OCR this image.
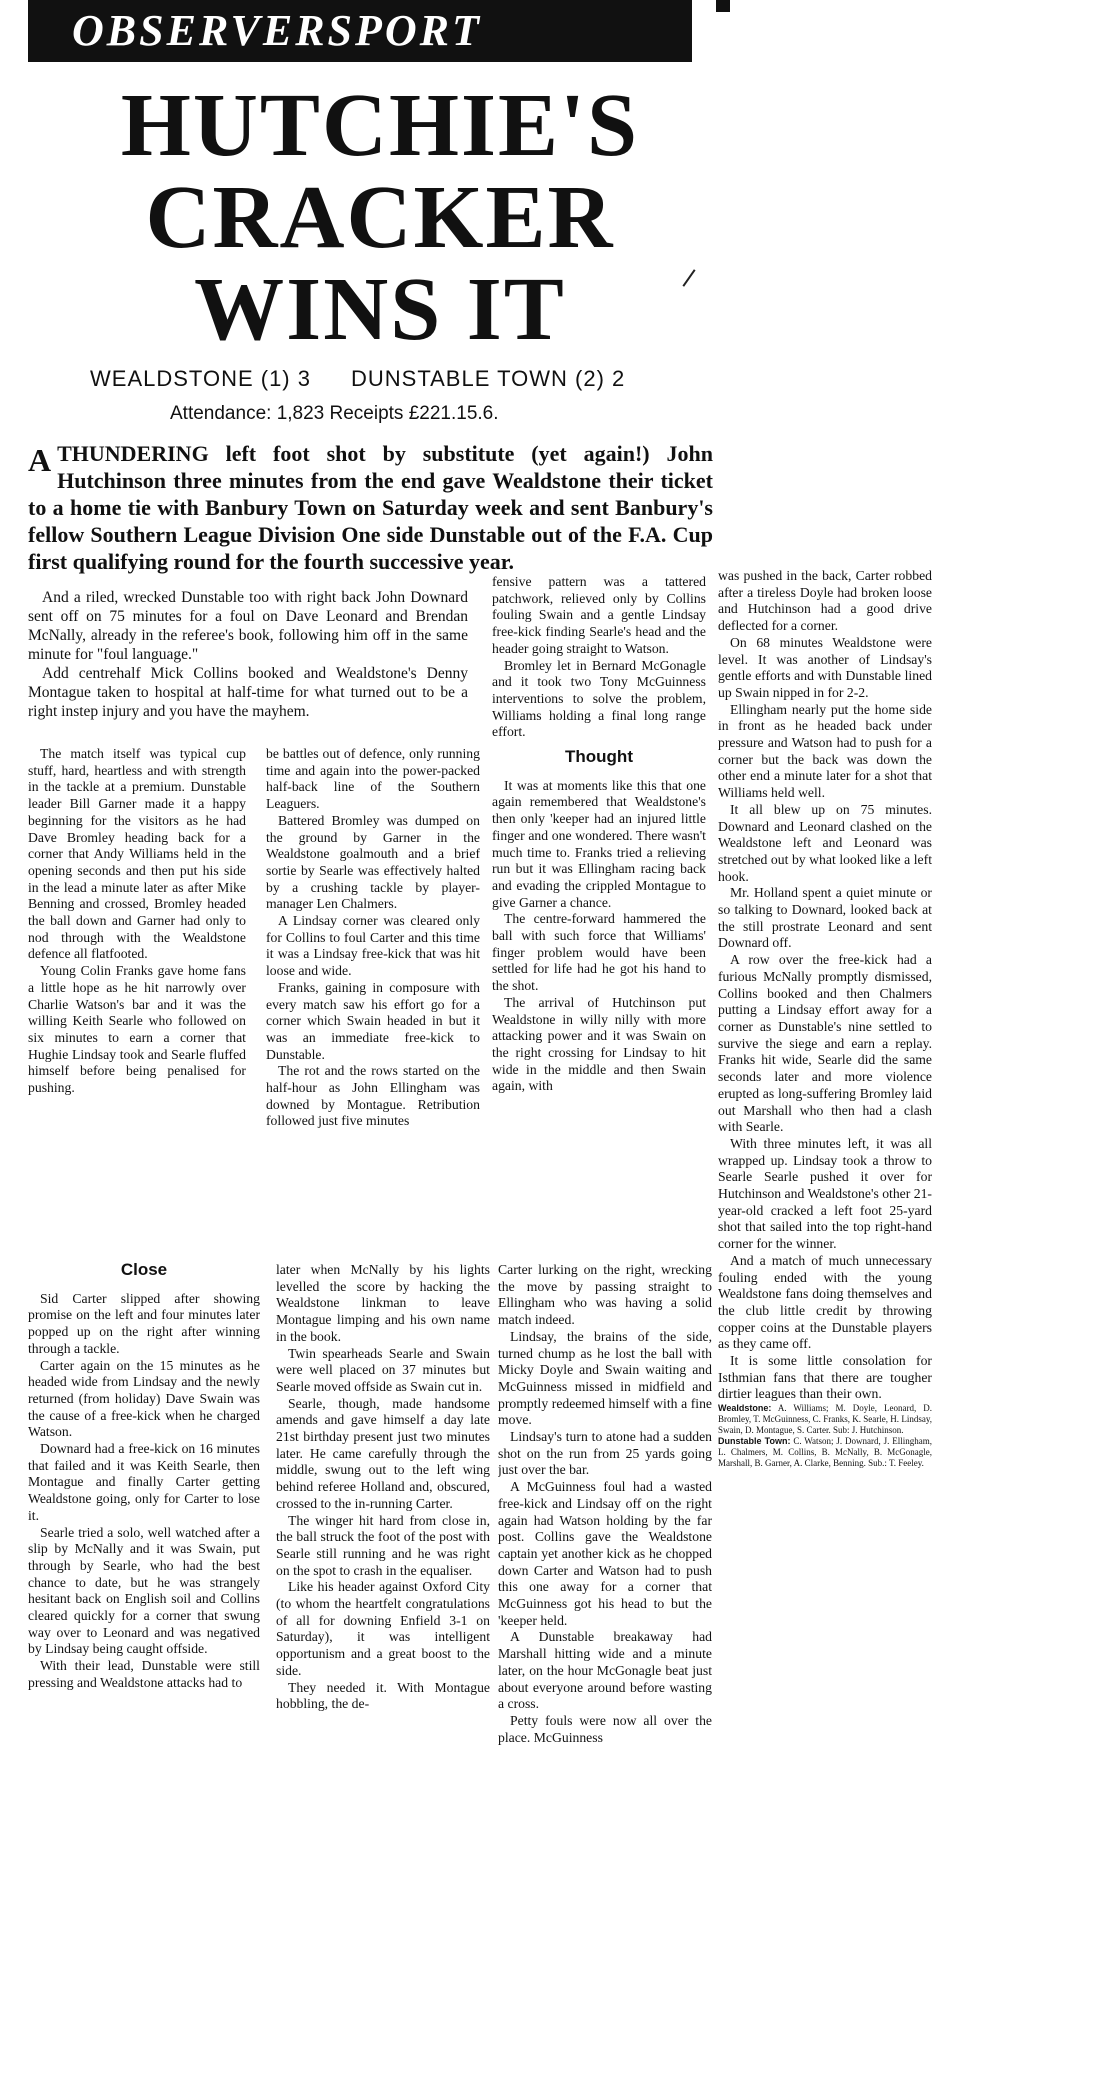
OBSERVERSPORT
HUTCHIE'S
CRACKER
WINS IT
WEALDSTONE (1) 3 DUNSTABLE TOWN (2) 2
Attendance: 1,823 Receipts £221.15.6.
A THUNDERING left foot shot by substitute (yet again!) John Hutchinson three minutes from the end gave Wealdstone their ticket to a home tie with Banbury Town on Saturday week and sent Banbury's fellow Southern League Division One side Dunstable out of the F.A. Cup first qualifying round for the fourth successive year.
And a riled, wrecked Dunstable too with right back John Downard sent off on 75 minutes for a foul on Dave Leonard and Brendan McNally, already in the referee's book, following him off in the same minute for "foul language."
Add centrehalf Mick Collins booked and Wealdstone's Denny Montague taken to hospital at half-time for what turned out to be a right instep injury and you have the mayhem.

The match itself was typical cup stuff, hard, heartless and with strength in the tackle at a premium. Dunstable leader Bill Garner made it a happy beginning for the visitors as he had Dave Bromley heading back for a corner that Andy Williams held in the opening seconds and then put his side in the lead a minute later as after Mike Benning and crossed, Bromley headed the ball down and Garner had only to nod through with the Wealdstone defence all flatfooted.

Young Colin Franks gave home fans a little hope as he hit narrowly over Charlie Watson's bar and it was the willing Keith Searle who followed on six minutes to earn a corner that Hughie Lindsay took and Searle fluffed himself before being penalised for pushing.

be battles out of defence, only running time and again into the power-packed half-back line of the Southern Leaguers.

Battered Bromley was dumped on the ground by Garner in the Wealdstone goalmouth and a brief sortie by Searle was effectively halted by a crushing tackle by player-manager Len Chalmers.

A Lindsay corner was cleared only for Collins to foul Carter and this time it was a Lindsay free-kick that was hit loose and wide.

Franks, gaining in composure with every match saw his effort go for a corner which Swain headed in but it was an immediate free-kick to Dunstable.

The rot and the rows started on the half-hour as John Ellingham was downed by Montague. Retribution followed just five minutes

fensive pattern was a tattered patchwork, relieved only by Collins fouling Swain and a gentle Lindsay free-kick finding Searle's head and the header going straight to Watson.

Bromley let in Bernard McGonagle and it took two Tony McGuinness interventions to solve the problem, Williams holding a final long range effort.

Thought

It was at moments like this that one again remembered that Wealdstone's then only 'keeper had an injured little finger and one wondered. There wasn't much time to. Franks tried a relieving run but it was Ellingham racing back and evading the crippled Montague to give Garner a chance.

The centre-forward hammered the ball with such force that Williams' finger problem would have been settled for life had he got his hand to the shot.

The arrival of Hutchinson put Wealdstone in willy nilly with more attacking power and it was Swain on the right crossing for Lindsay to hit wide in the middle and then Swain again, with

was pushed in the back, Carter robbed after a tireless Doyle had broken loose and Hutchinson had a good drive deflected for a corner.

On 68 minutes Wealdstone were level. It was another of Lindsay's gentle efforts and with Dunstable lined up Swain nipped in for 2-2.

Ellingham nearly put the home side in front as he headed back under pressure and Watson had to push for a corner but the back was down the other end a minute later for a shot that Williams held well.

It all blew up on 75 minutes. Downard and Leonard clashed on the Wealdstone left and Leonard was stretched out by what looked like a left hook.

Mr. Holland spent a quiet minute or so talking to Downard, looked back at the still prostrate Leonard and sent Downard off.

A row over the free-kick had a furious McNally promptly dismissed, Collins booked and then Chalmers putting a Lindsay effort away for a corner as Dunstable's nine settled to survive the siege and earn a replay. Franks hit wide, Searle did the same seconds later and more violence erupted as long-suffering Bromley laid out Marshall who then had a clash with Searle.

With three minutes left, it was all wrapped up. Lindsay took a throw to Searle Searle pushed it over for Hutchinson and Wealdstone's other 21-year-old cracked a left foot 25-yard shot that sailed into the top right-hand corner for the winner.

And a match of much unnecessary fouling ended with the young Wealdstone fans doing themselves and the club little credit by throwing copper coins at the Dunstable players as they came off.

It is some little consolation for Isthmian fans that there are tougher dirtier leagues than their own.

Wealdstone: A. Williams; M. Doyle, Leonard, D. Bromley, T. McGuinness, C. Franks, K. Searle, H. Lindsay, Swain, D. Montague, S. Carter. Sub: J. Hutchinson.
Dunstable Town: C. Watson; J. Downard, J. Ellingham, L. Chalmers, M. Collins, B. McNally, B. McGonagle, Marshall, B. Garner, A. Clarke, Benning. Sub.: T. Feeley.
Close

Sid Carter slipped after showing promise on the left and four minutes later popped up on the right after winning through a tackle.

Carter again on the 15 minutes as he headed wide from Lindsay and the newly returned (from holiday) Dave Swain was the cause of a free-kick when he charged Watson.

Downard had a free-kick on 16 minutes that failed and it was Keith Searle, then Montague and finally Carter getting Wealdstone going, only for Carter to lose it.

Searle tried a solo, well watched after a slip by McNally and it was Swain, put through by Searle, who had the best chance to date, but he was strangely hesitant back on English soil and Collins cleared quickly for a corner that swung way over to Leonard and was negatived by Lindsay being caught offside.

With their lead, Dunstable were still pressing and Wealdstone attacks had to

later when McNally by his lights levelled the score by hacking the Wealdstone linkman to leave Montague limping and his own name in the book.

Twin spearheads Searle and Swain were well placed on 37 minutes but Searle moved offside as Swain cut in.

Searle, though, made handsome amends and gave himself a day late 21st birthday present just two minutes later. He came carefully through the middle, swung out to the left wing behind referee Holland and, obscured, crossed to the in-running Carter.

The winger hit hard from close in, the ball struck the foot of the post with Searle still running and he was right on the spot to crash in the equaliser.

Like his header against Oxford City (to whom the heartfelt congratulations of all for downing Enfield 3-1 on Saturday), it was intelligent opportunism and a great boost to the side.

They needed it. With Montague hobbling, the de-

Carter lurking on the right, wrecking the move by passing straight to Ellingham who was having a solid match indeed.

Lindsay, the brains of the side, turned chump as he lost the ball with Micky Doyle and Swain waiting and McGuinness missed in midfield and promptly redeemed himself with a fine move.

Lindsay's turn to atone had a sudden shot on the run from 25 yards going just over the bar.

A McGuinness foul had a wasted free-kick and Lindsay off on the right again had Watson holding by the far post. Collins gave the Wealdstone captain yet another kick as he chopped down Carter and Watson had to push this one away for a corner that McGuinness got his head to but the 'keeper held.

A Dunstable breakaway had Marshall hitting wide and a minute later, on the hour McGonagle beat just about everyone around before wasting a cross.

Petty fouls were now all over the place. McGuinness
